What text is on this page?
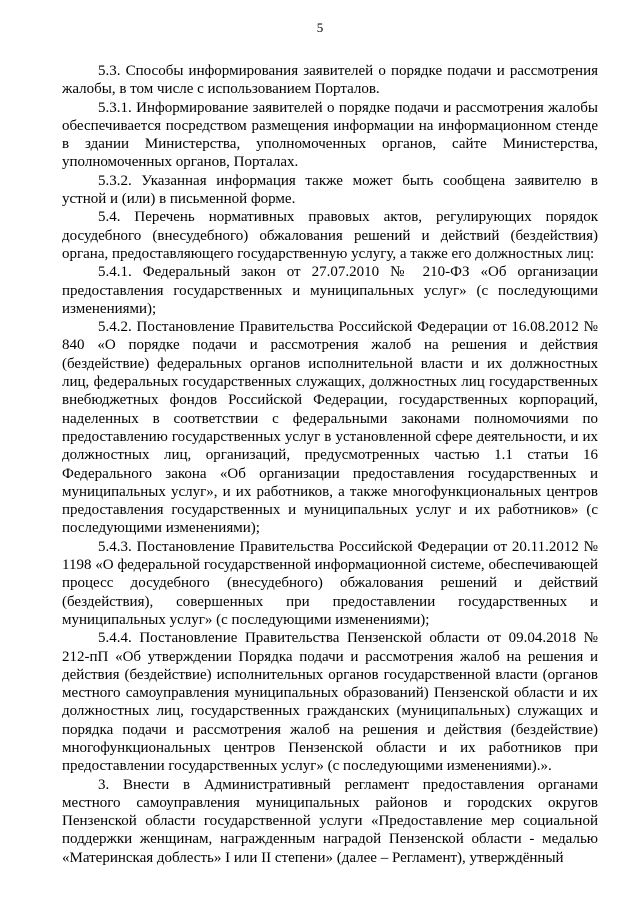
5

5.3. Способы информирования заявителей о порядке подачи и рассмотрения жалобы, в том числе с использованием Порталов.

5.3.1. Информирование заявителей о порядке подачи и рассмотрения жалобы обеспечивается посредством размещения информации на информационном стенде в здании Министерства, уполномоченных органов, сайте Министерства, уполномоченных органов, Порталах.

5.3.2. Указанная информация также может быть сообщена заявителю в устной и (или) в письменной форме.

5.4. Перечень нормативных правовых актов, регулирующих порядок досудебного (внесудебного) обжалования решений и действий (бездействия) органа, предоставляющего государственную услугу, а также его должностных лиц:

5.4.1. Федеральный закон от 27.07.2010 № 210-ФЗ «Об организации предоставления государственных и муниципальных услуг» (с последующими изменениями);

5.4.2. Постановление Правительства Российской Федерации от 16.08.2012 № 840 «О порядке подачи и рассмотрения жалоб на решения и действия (бездействие) федеральных органов исполнительной власти и их должностных лиц, федеральных государственных служащих, должностных лиц государственных внебюджетных фондов Российской Федерации, государственных корпораций, наделенных в соответствии с федеральными законами полномочиями по предоставлению государственных услуг в установленной сфере деятельности, и их должностных лиц, организаций, предусмотренных частью 1.1 статьи 16 Федерального закона «Об организации предоставления государственных и муниципальных услуг», и их работников, а также многофункциональных центров предоставления государственных и муниципальных услуг и их работников» (с последующими изменениями);

5.4.3. Постановление Правительства Российской Федерации от 20.11.2012 № 1198 «О федеральной государственной информационной системе, обеспечивающей процесс досудебного (внесудебного) обжалования решений и действий (бездействия), совершенных при предоставлении государственных и муниципальных услуг» (с последующими изменениями);

5.4.4. Постановление Правительства Пензенской области от 09.04.2018 № 212-пП «Об утверждении Порядка подачи и рассмотрения жалоб на решения и действия (бездействие) исполнительных органов государственной власти (органов местного самоуправления муниципальных образований) Пензенской области и их должностных лиц, государственных гражданских (муниципальных) служащих и порядка подачи и рассмотрения жалоб на решения и действия (бездействие) многофункциональных центров Пензенской области и их работников при предоставлении государственных услуг» (с последующими изменениями).».

3. Внести в Административный регламент предоставления органами местного самоуправления муниципальных районов и городских округов Пензенской области государственной услуги «Предоставление мер социальной поддержки женщинам, награжденным наградой Пензенской области - медалью «Материнская доблесть» I или II степени» (далее – Регламент), утверждённый
